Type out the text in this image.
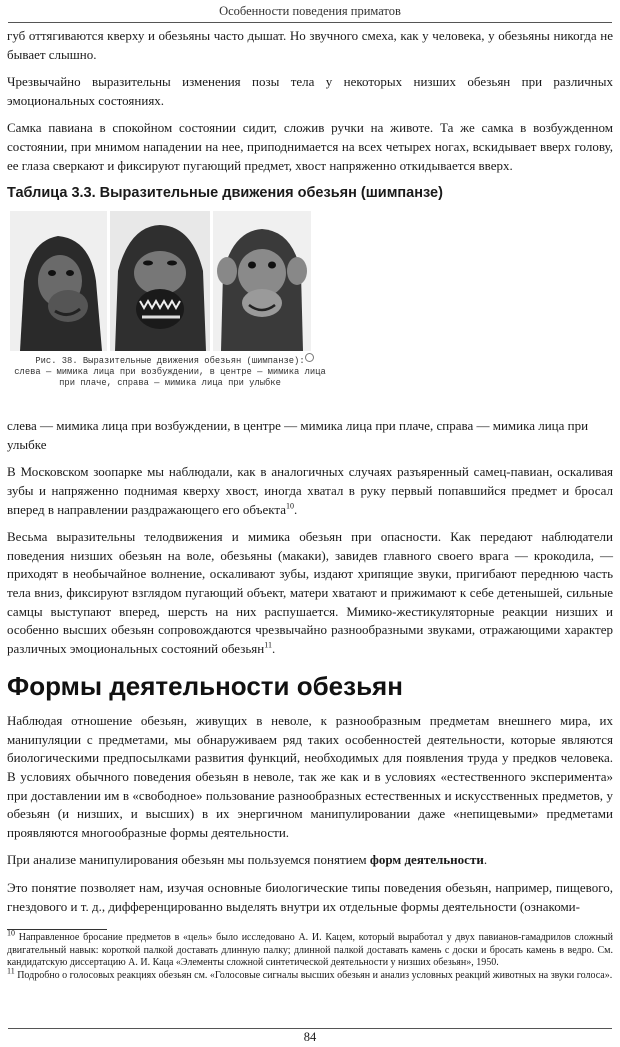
Особенности поведения приматов

губ оттягиваются кверху и обезьяны часто дышат. Но звучного смеха, как у человека, у обезьяны никогда не бывает слышно.

Чрезвычайно выразительны изменения позы тела у некоторых низших обезьян при различных эмоциональных состояниях.

Самка павиана в спокойном состоянии сидит, сложив ручки на животе. Та же самка в возбужденном состоянии, при мнимом нападении на нее, приподнимается на всех четырех ногах, вскидывает вверх голову, ее глаза сверкают и фиксируют пугающий предмет, хвост напряженно откидывается вверх.

Таблица 3.3. Выразительные движения обезьян (шимпанзе)
Рис. 38. Выразительные движения обезьян (шимпанзе):
слева — мимика лица при возбуждении, в центре — мимика лица
при плаче, справа — мимика лица при улыбке

слева — мимика лица при возбуждении, в центре — мимика лица при плаче, справа — мимика лица при улыбке

В Московском зоопарке мы наблюдали, как в аналогичных случаях разъяренный самец-павиан, оскаливая зубы и напряженно поднимая кверху хвост, иногда хватал в руку первый попавшийся предмет и бросал вперед в направлении раздражающего его объекта$^{10}$.

Весьма выразительны телодвижения и мимика обезьян при опасности. Как передают наблюдатели поведения низших обезьян на воле, обезьяны (макаки), завидев главного своего врага — крокодила, — приходят в необычайное волнение, оскаливают зубы, издают хрипящие звуки, пригибают переднюю часть тела вниз, фиксируют взглядом пугающий объект, матери хватают и прижимают к себе детенышей, сильные самцы выступают вперед, шерсть на них распушается. Мимико-жестикуляторные реакции низших и особенно высших обезьян сопровождаются чрезвычайно разнообразными звуками, отражающими характер различных эмоциональных состояний обезьян$^{11}$.

Формы деятельности обезьян

Наблюдая отношение обезьян, живущих в неволе, к разнообразным предметам внешнего мира, их манипуляции с предметами, мы обнаруживаем ряд таких особенностей деятельности, которые являются биологическими предпосылками развития функций, необходимых для появления труда у предков человека. В условиях обычного поведения обезьян в неволе, так же как и в условиях «естественного эксперимента» при доставлении им в «свободное» пользование разнообразных естественных и искусственных предметов, у обезьян (и низших, и высших) в их энергичном манипулировании даже «непищевыми» предметами проявляются многообразные формы деятельности.

При анализе манипулирования обезьян мы пользуемся понятием форм деятельности.

Это понятие позволяет нам, изучая основные биологические типы поведения обезьян, например, пищевого, гнездового и т. д., дифференцированно выделять внутри их отдельные формы деятельности (ознакоми-

$^{10}$ Направленное бросание предметов в «цель» было исследовано А. И. Кацем, который выработал у двух павианов-гамадрилов сложный двигательный навык: короткой палкой доставать длинную палку; длинной палкой доставать камень с доски и бросать камень в ведро. См. кандидатскую диссертацию А. И. Каца «Элементы сложной синтетической деятельности у низших обезьян», 1950.

$^{11}$ Подробно о голосовых реакциях обезьян см. «Голосовые сигналы высших обезьян и анализ условных реакций животных на звуки голоса».

84
